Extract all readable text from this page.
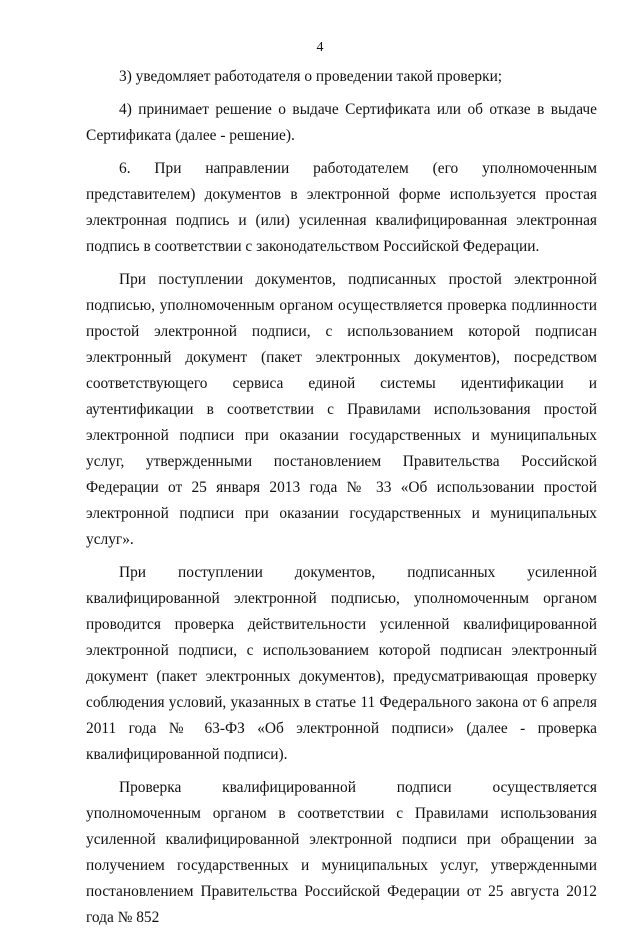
4

3) уведомляет работодателя о проведении такой проверки;

4) принимает решение о выдаче Сертификата или об отказе в выдаче Сертификата (далее - решение).

6. При направлении работодателем (его уполномоченным представителем) документов в электронной форме используется простая электронная подпись и (или) усиленная квалифицированная электронная подпись в соответствии с законодательством Российской Федерации.

При поступлении документов, подписанных простой электронной подписью, уполномоченным органом осуществляется проверка подлинности простой электронной подписи, с использованием которой подписан электронный документ (пакет электронных документов), посредством соответствующего сервиса единой системы идентификации и аутентификации в соответствии с Правилами использования простой электронной подписи при оказании государственных и муниципальных услуг, утвержденными постановлением Правительства Российской Федерации от 25 января 2013 года № 33 «Об использовании простой электронной подписи при оказании государственных и муниципальных услуг».

При поступлении документов, подписанных усиленной квалифицированной электронной подписью, уполномоченным органом проводится проверка действительности усиленной квалифицированной электронной подписи, с использованием которой подписан электронный документ (пакет электронных документов), предусматривающая проверку соблюдения условий, указанных в статье 11 Федерального закона от 6 апреля 2011 года № 63-ФЗ «Об электронной подписи» (далее - проверка квалифицированной подписи).

Проверка квалифицированной подписи осуществляется уполномоченным органом в соответствии с Правилами использования усиленной квалифицированной электронной подписи при обращении за получением государственных и муниципальных услуг, утвержденными постановлением Правительства Российской Федерации от 25 августа 2012 года № 852
